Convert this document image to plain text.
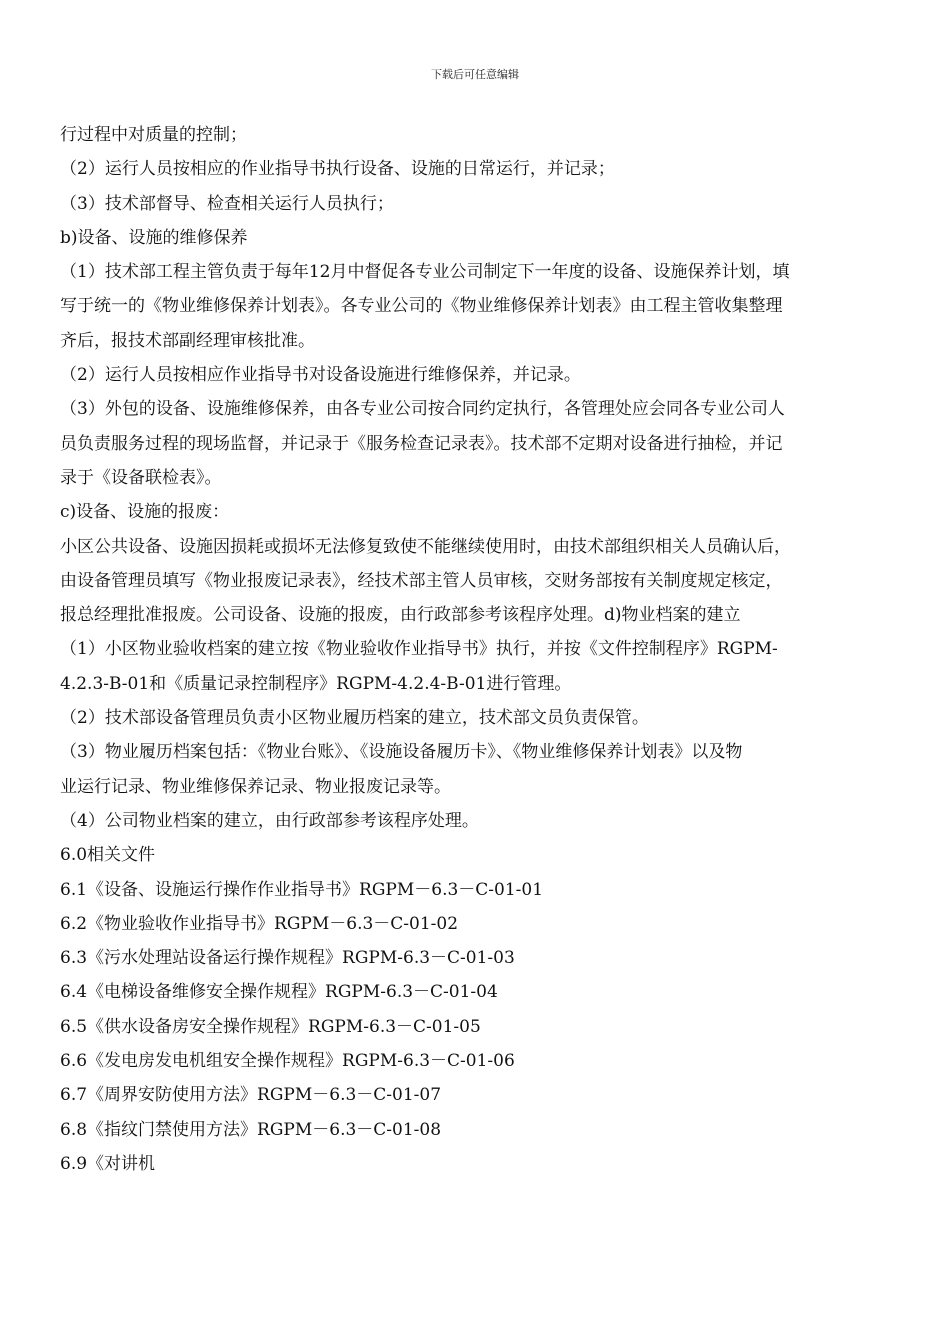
下载后可任意编辑
行过程中对质量的控制；
（2）运行人员按相应的作业指导书执行设备、设施的日常运行，并记录；
（3）技术部督导、检查相关运行人员执行；
b)设备、设施的维修保养
（1）技术部工程主管负责于每年12月中督促各专业公司制定下一年度的设备、设施保养计划，填
写于统一的《物业维修保养计划表》。各专业公司的《物业维修保养计划表》由工程主管收集整理
齐后，报技术部副经理审核批准。
（2）运行人员按相应作业指导书对设备设施进行维修保养，并记录。
（3）外包的设备、设施维修保养，由各专业公司按合同约定执行，各管理处应会同各专业公司人
员负责服务过程的现场监督，并记录于《服务检查记录表》。技术部不定期对设备进行抽检，并记
录于《设备联检表》。
c)设备、设施的报废：
小区公共设备、设施因损耗或损坏无法修复致使不能继续使用时，由技术部组织相关人员确认后，
由设备管理员填写《物业报废记录表》，经技术部主管人员审核，交财务部按有关制度规定核定，
报总经理批准报废。公司设备、设施的报废，由行政部参考该程序处理。d)物业档案的建立
（1）小区物业验收档案的建立按《物业验收作业指导书》执行，并按《文件控制程序》RGPM-
4.2.3-B-01和《质量记录控制程序》RGPM-4.2.4-B-01进行管理。
（2）技术部设备管理员负责小区物业履历档案的建立，技术部文员负责保管。
（3）物业履历档案包括：《物业台账》、《设施设备履历卡》、《物业维修保养计划表》以及物
业运行记录、物业维修保养记录、物业报废记录等。
（4）公司物业档案的建立，由行政部参考该程序处理。
6.0相关文件
6.1《设备、设施运行操作作业指导书》RGPM－6.3－C-01-01
6.2《物业验收作业指导书》RGPM－6.3－C-01-02
6.3《污水处理站设备运行操作规程》RGPM-6.3－C-01-03
6.4《电梯设备维修安全操作规程》RGPM-6.3－C-01-04
6.5《供水设备房安全操作规程》RGPM-6.3－C-01-05
6.6《发电房发电机组安全操作规程》RGPM-6.3－C-01-06
6.7《周界安防使用方法》RGPM－6.3－C-01-07
6.8《指纹门禁使用方法》RGPM－6.3－C-01-08
6.9《对讲机
